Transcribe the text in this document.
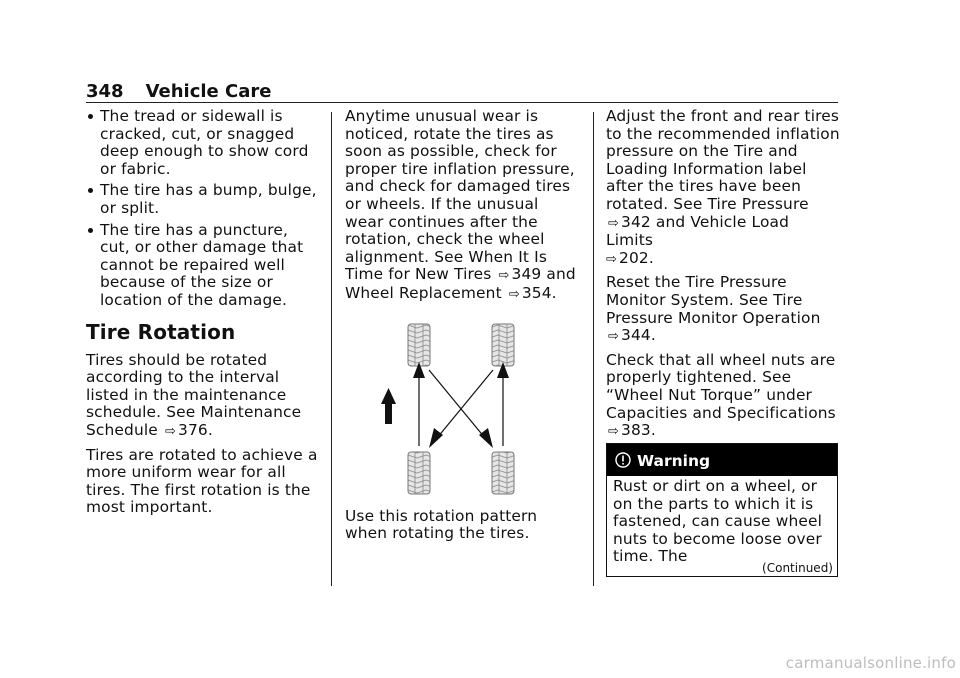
348 Vehicle Care
The tread or sidewall is cracked, cut, or snagged deep enough to show cord or fabric.
The tire has a bump, bulge, or split.
The tire has a puncture, cut, or other damage that cannot be repaired well because of the size or location of the damage.
Tire Rotation

Tires should be rotated according to the interval listed in the maintenance schedule. See Maintenance Schedule ⇨ 376.

Tires are rotated to achieve a more uniform wear for all tires. The first rotation is the most important.

Anytime unusual wear is noticed, rotate the tires as soon as possible, check for proper tire inflation pressure, and check for damaged tires or wheels. If the unusual wear continues after the rotation, check the wheel alignment. See When It Is Time for New Tires ⇨ 349 and Wheel Replacement ⇨ 354.

Use this rotation pattern when rotating the tires.

Adjust the front and rear tires to the recommended inflation pressure on the Tire and Loading Information label after the tires have been rotated. See Tire Pressure ⇨ 342 and Vehicle Load Limits
⇨ 202.

Reset the Tire Pressure Monitor System. See Tire Pressure Monitor Operation ⇨ 344.

Check that all wheel nuts are properly tightened. See “Wheel Nut Torque” under Capacities and Specifications ⇨ 383.

Warning
Rust or dirt on a wheel, or on the parts to which it is fastened, can cause wheel nuts to become loose over time. The
(Continued)
carmanualsonline.info
